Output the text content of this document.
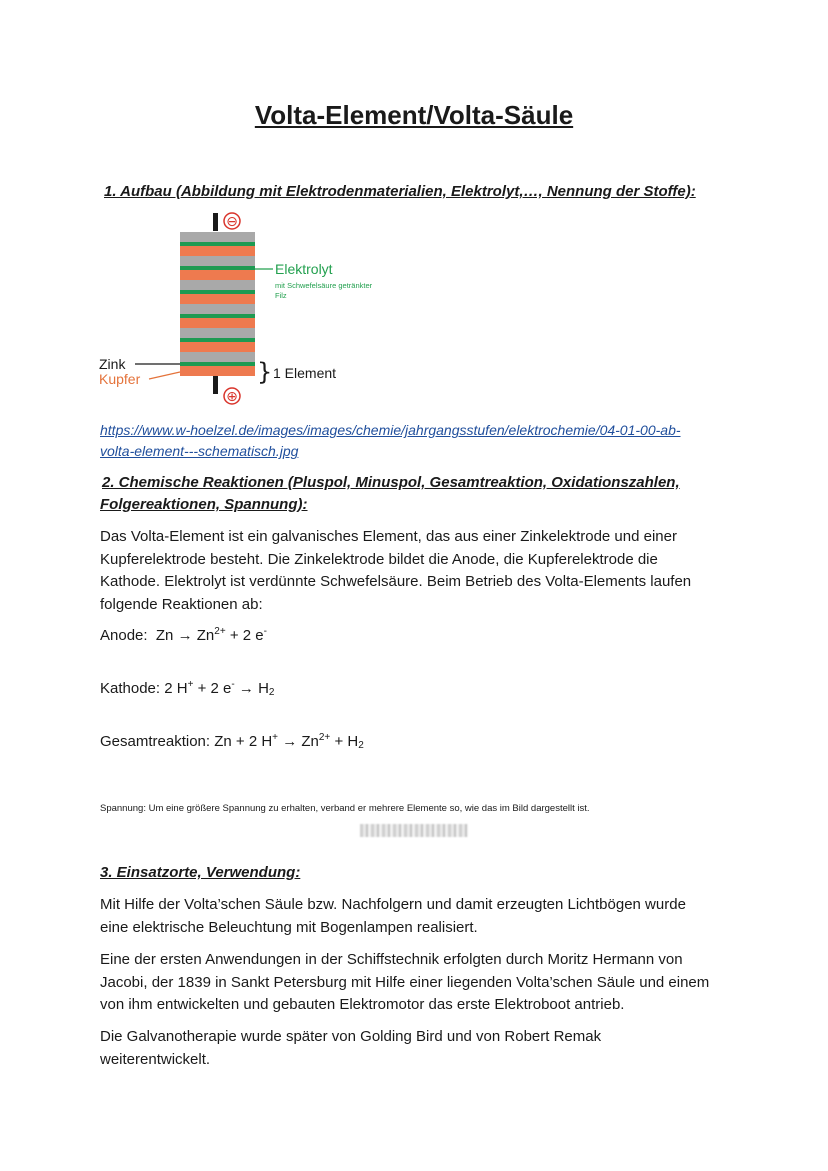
Volta-Element/Volta-Säule
1. Aufbau (Abbildung mit Elektrodenmaterialien, Elektrolyt,…, Nennung der Stoffe):
⊖
⊕
Elektrolyt
mit Schwefelsäure getränkter
Filz
Zink
Kupfer	} 1 Element
https://www.w-hoelzel.de/images/images/chemie/jahrgangsstufen/elektrochemie/04-01-00-ab-
volta-element---schematisch.jpg
2. Chemische Reaktionen (Pluspol, Minuspol, Gesamtreaktion, Oxidationszahlen,
Folgereaktionen, Spannung):
Das Volta-Element ist ein galvanisches Element, das aus einer Zinkelektrode und einer
Kupferelektrode besteht. Die Zinkelektrode bildet die Anode, die Kupferelektrode die
Kathode. Elektrolyt ist verdünnte Schwefelsäure. Beim Betrieb des Volta-Elements laufen
folgende Reaktionen ab:
Anode: $Zn \to Zn^{2+} + 2$ e-
Kathode: 2 H+ + 2 $e^- \to H_2$
Gesamtreaktion: Zn + 2 $H^+ \to Zn^{2+} + H_2$
Spannung: Um eine größere Spannung zu erhalten, verband er mehrere Elemente so, wie das im Bild dargestellt ist.
3. Einsatzorte, Verwendung:
Mit Hilfe der Volta’schen Säule bzw. Nachfolgern und damit erzeugten Lichtbögen wurde
eine elektrische Beleuchtung mit Bogenlampen realisiert.
Eine der ersten Anwendungen in der Schiffstechnik erfolgten durch Moritz Hermann von
Jacobi, der 1839 in Sankt Petersburg mit Hilfe einer liegenden Volta’schen Säule und einem
von ihm entwickelten und gebauten Elektromotor das erste Elektroboot antrieb.
Die Galvanotherapie wurde später von Golding Bird und von Robert Remak
weiterentwickelt.
